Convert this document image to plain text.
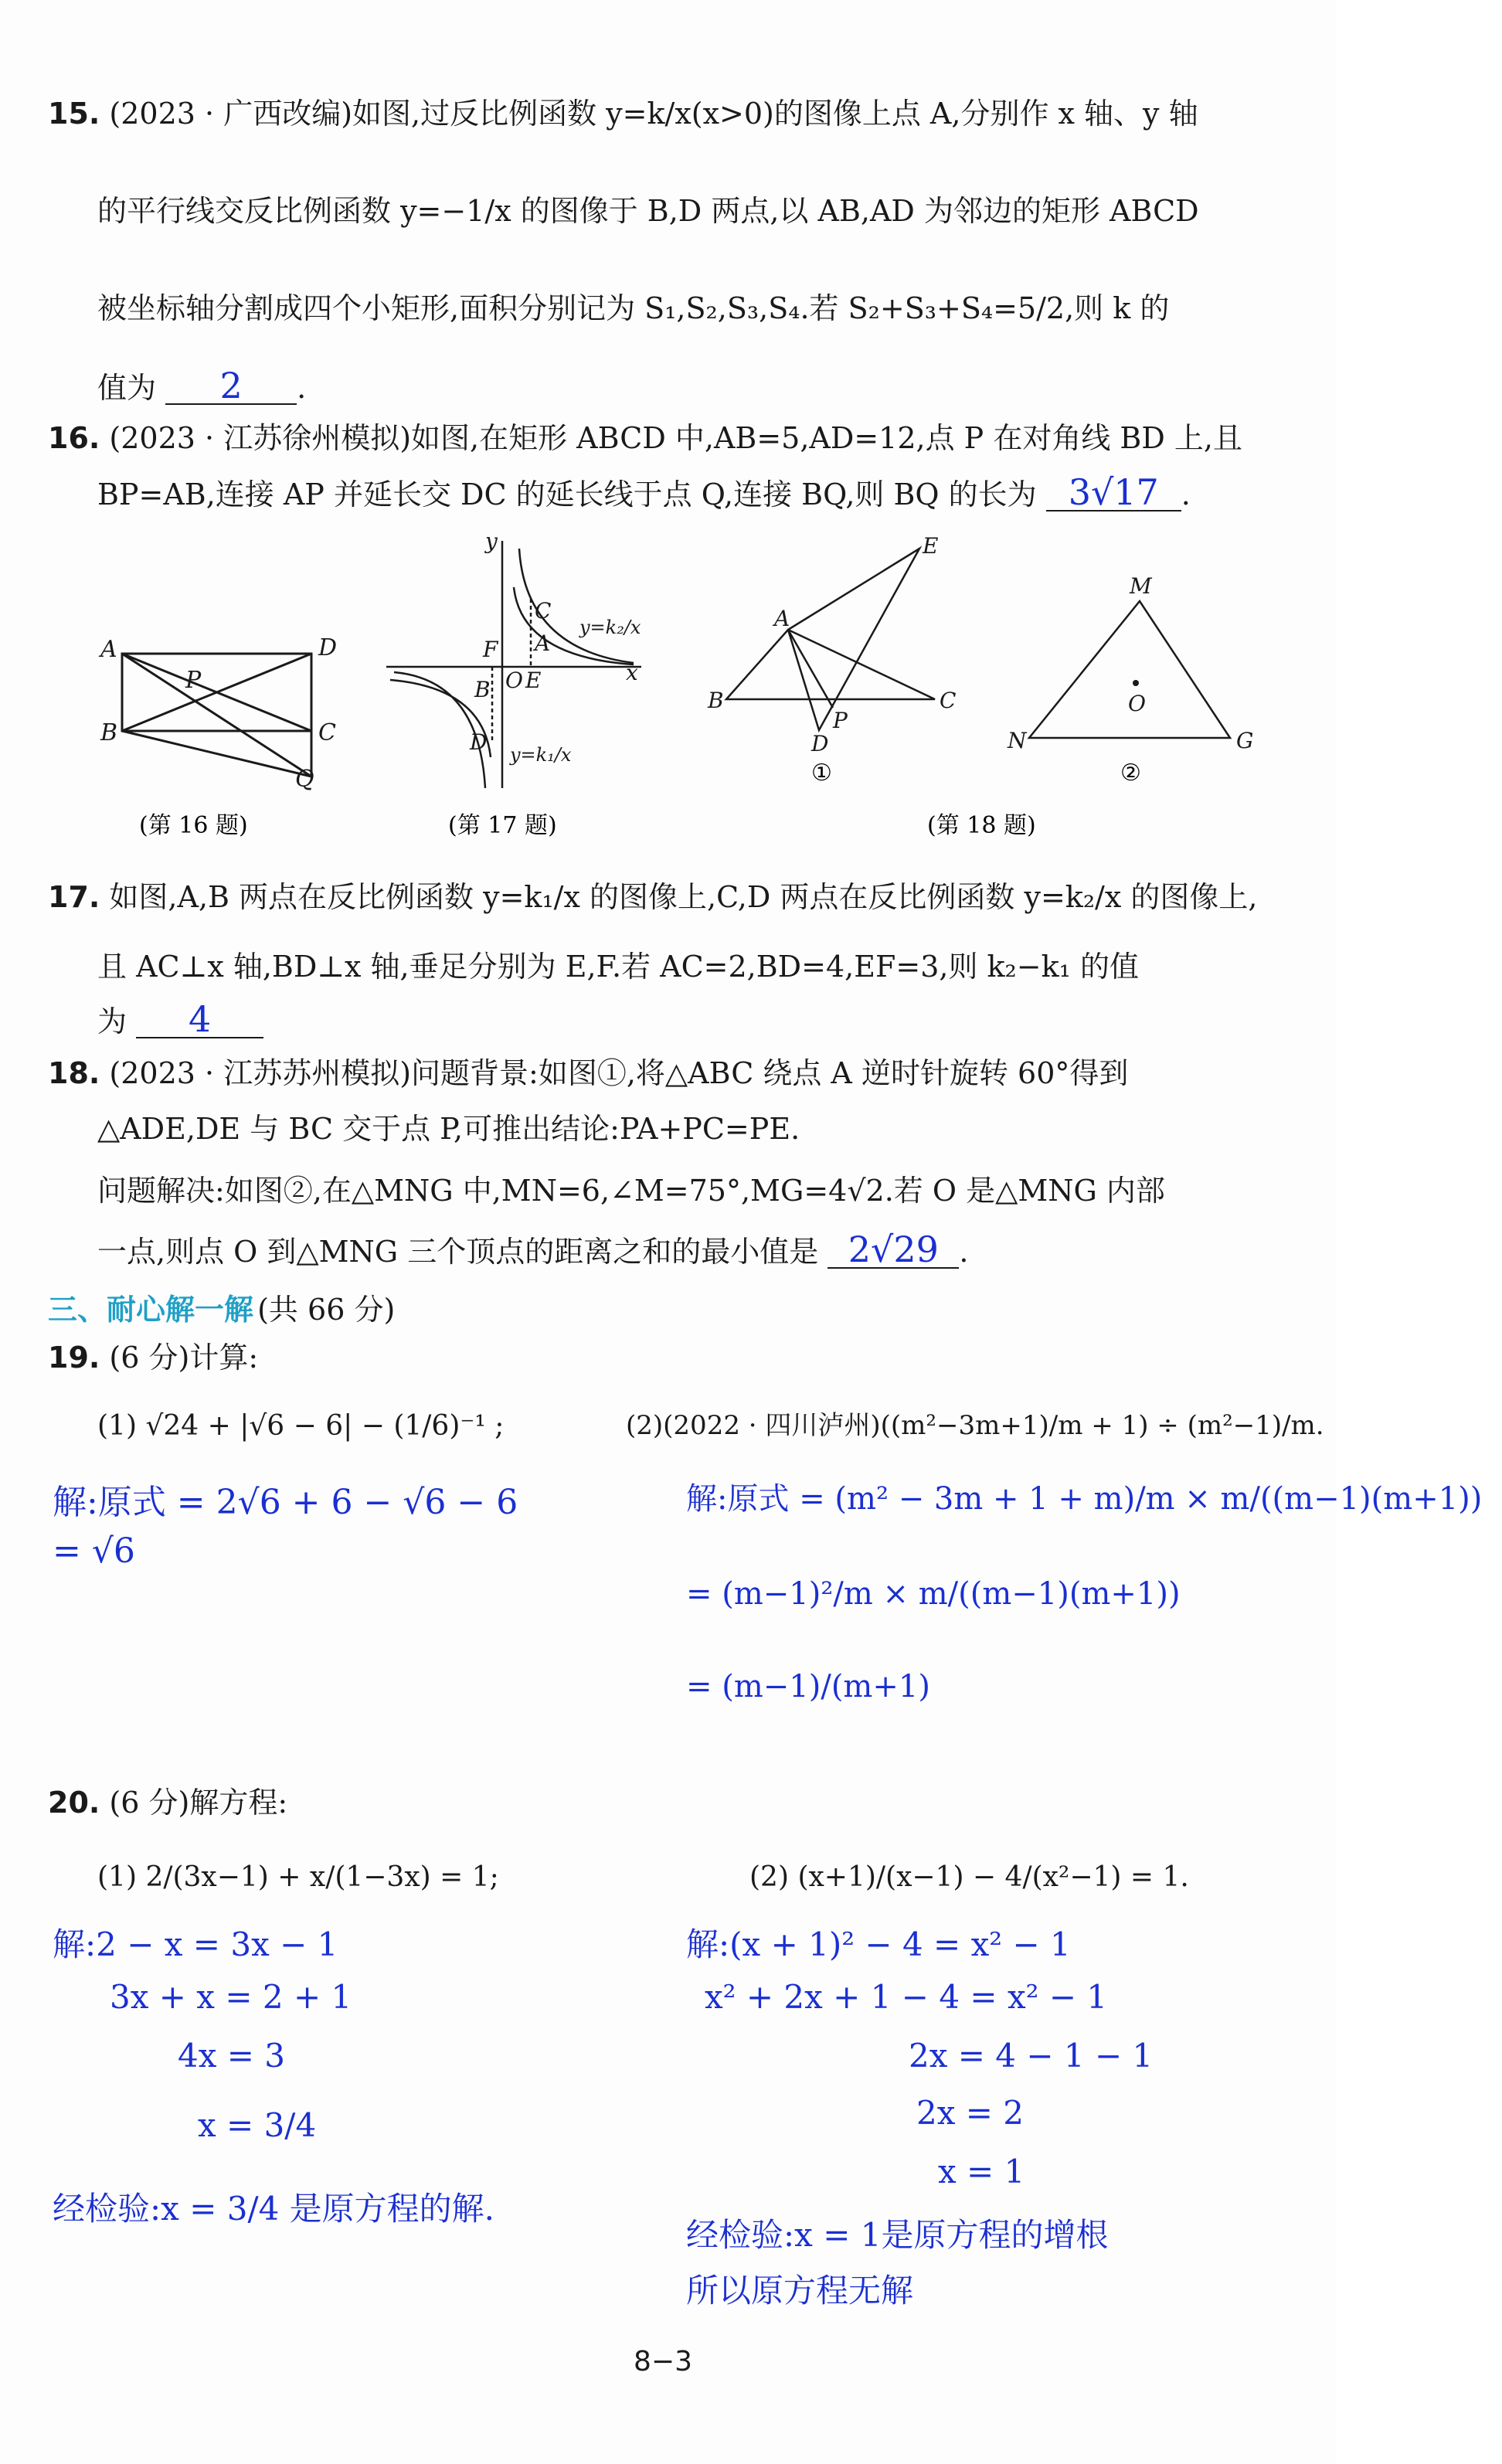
15. (2023 · 广西改编)如图,过反比例函数 y=k/x(x>0)的图像上点 A,分别作 x 轴、y 轴
的平行线交反比例函数 y=−1/x 的图像于 B,D 两点,以 AB,AD 为邻边的矩形 ABCD
被坐标轴分割成四个小矩形,面积分别记为 S₁,S₂,S₃,S₄.若 S₂+S₃+S₄=5/2,则 k 的
值为 2 .
16. (2023 · 江苏徐州模拟)如图,在矩形 ABCD 中,AB=5,AD=12,点 P 在对角线 BD 上,且
BP=AB,连接 AP 并延长交 DC 的延长线于点 Q,连接 BQ,则 BQ 的长为 3√17 .
A	D
P
B	C
Q
(第 16 题)
y
x
O
C
A
E
F
B
D
y=k₂/x
y=k₁/x
(第 17 题)
A
E
B	C
D
P
①
M
N	G
O
②
(第 18 题)
17. 如图,A,B 两点在反比例函数 y=k₁/x 的图像上,C,D 两点在反比例函数 y=k₂/x 的图像上,
且 AC⊥x 轴,BD⊥x 轴,垂足分别为 E,F.若 AC=2,BD=4,EF=3,则 k₂−k₁ 的值
为 4
18. (2023 · 江苏苏州模拟)问题背景:如图①,将△ABC 绕点 A 逆时针旋转 60°得到
△ADE,DE 与 BC 交于点 P,可推出结论:PA+PC=PE.
问题解决:如图②,在△MNG 中,MN=6,∠M=75°,MG=4√2.若 O 是△MNG 内部
一点,则点 O 到△MNG 三个顶点的距离之和的最小值是 2√29 .
三、耐心解一解 (共 66 分)
19. (6 分)计算:
(1) √24 + |√6 − 6| − (1/6)⁻¹ ;	(2)(2022 · 四川泸州)((m²−3m+1)/m + 1) ÷ (m²−1)/m.
解:原式 = 2√6 + 6 − √6 − 6
= √6
解:原式 = (m² − 3m + 1 + m)/m × m/((m−1)(m+1))
= (m−1)²/m × m/((m−1)(m+1))
= (m−1)/(m+1)
20. (6 分)解方程:
(1) 2/(3x−1) + x/(1−3x) = 1;	(2) (x+1)/(x−1) − 4/(x²−1) = 1.
解:2 − x = 3x − 1
3x + x = 2 + 1
4x = 3
x = 3/4
经检验:x = 3/4 是原方程的解.
解:(x + 1)² − 4 = x² − 1
x² + 2x + 1 − 4 = x² − 1
2x = 4 − 1 − 1
2x = 2
x = 1
经检验:x = 1是原方程的增根
所以原方程无解
8−3
